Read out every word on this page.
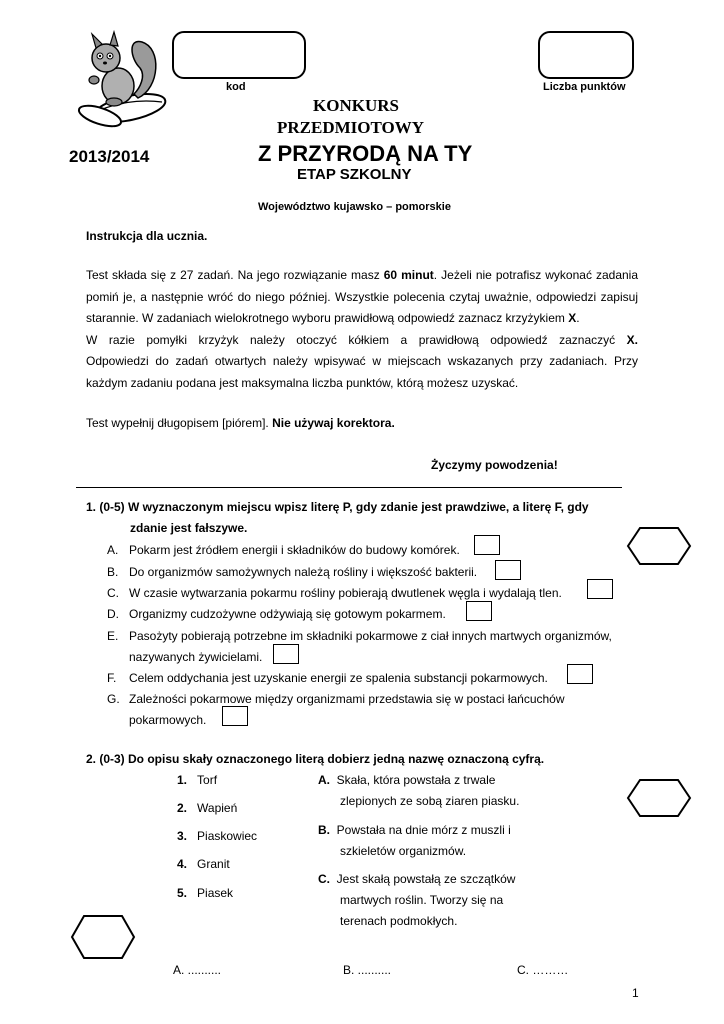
kod	Liczba punktów
KONKURS
PRZEDMIOTOWY
2013/2014	Z PRZYRODĄ NA TY
ETAP SZKOLNY
Województwo kujawsko – pomorskie
Instrukcja dla ucznia.

Test składa się z 27 zadań. Na jego rozwiązanie masz 60 minut. Jeżeli nie potrafisz wykonać zadania pomiń je, a następnie wróć do niego później. Wszystkie polecenia czytaj uważnie, odpowiedzi zapisuj starannie. W zadaniach wielokrotnego wyboru prawidłową odpowiedź zaznacz krzyżykiem X.

W razie pomyłki krzyżyk należy otoczyć kółkiem a prawidłową odpowiedź zaznaczyć X.

Odpowiedzi do zadań otwartych należy wpisywać w miejscach wskazanych przy zadaniach. Przy każdym zadaniu podana jest maksymalna liczba punktów, którą możesz uzyskać.

Test wypełnij długopisem [piórem]. Nie używaj korektora.
Życzymy powodzenia!
1. (0-5) W wyznaczonym miejscu wpisz literę P, gdy zdanie jest prawdziwe, a literę F, gdy
zdanie jest fałszywe.
A. Pokarm jest źródłem energii i składników do budowy komórek.
B. Do organizmów samożywnych należą rośliny i większość bakterii.
C. W czasie wytwarzania pokarmu rośliny pobierają dwutlenek węgla i wydalają tlen.
D. Organizmy cudzożywne odżywiają się gotowym pokarmem.
E. Pasożyty pobierają potrzebne im składniki pokarmowe z ciał innych martwych organizmów,
nazywanych żywicielami.
F. Celem oddychania jest uzyskanie energii ze spalenia substancji pokarmowych.
G. Zależności pokarmowe między organizmami przedstawia się w postaci łańcuchów
pokarmowych.
2. (0-3) Do opisu skały oznaczonego literą dobierz jedną nazwę oznaczoną cyfrą.
1. Torf
2. Wapień
3. Piaskowiec
4. Granit
5. Piasek
A. Skała, która powstała z trwale
zlepionych ze sobą ziaren piasku.
B. Powstała na dnie mórz z muszli i
szkieletów organizmów.
C. Jest skałą powstałą ze szczątków
martwych roślin. Tworzy się na
terenach podmokłych.
A. ..........	B. ..........	C. ………
1
